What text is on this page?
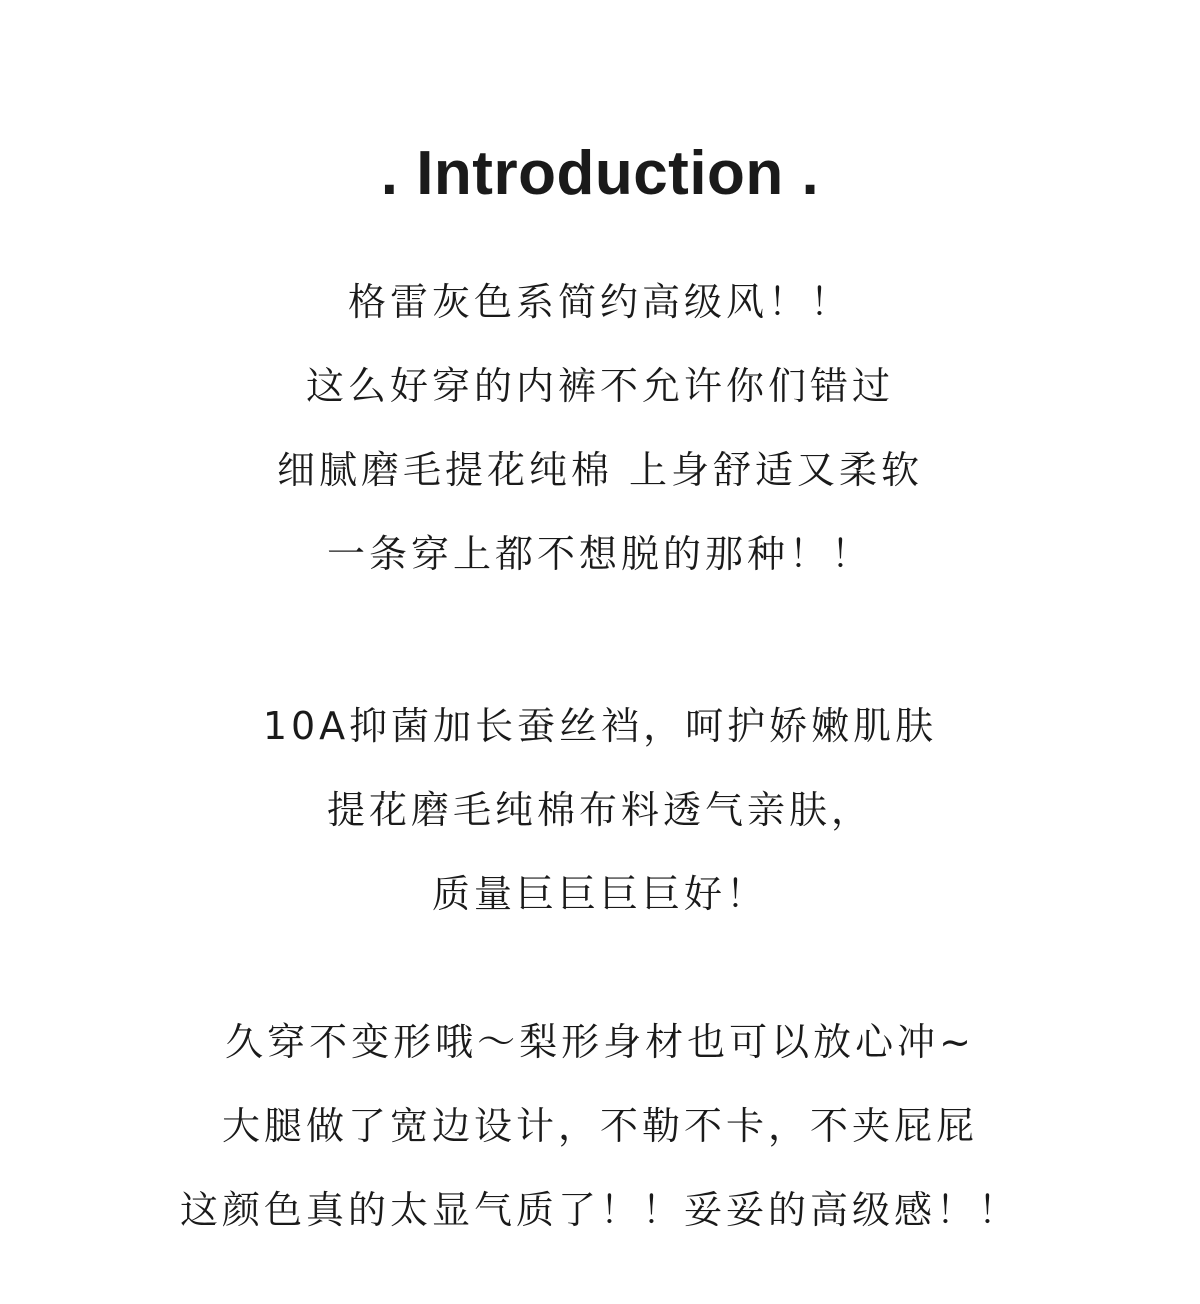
. Introduction .
格雷灰色系简约高级风！！
这么好穿的内裤不允许你们错过
细腻磨毛提花纯棉 上身舒适又柔软
一条穿上都不想脱的那种！！
10A抑菌加长蚕丝裆，呵护娇嫩肌肤
提花磨毛纯棉布料透气亲肤，
质量巨巨巨巨好！
久穿不变形哦～梨形身材也可以放心冲~
大腿做了宽边设计，不勒不卡，不夹屁屁
这颜色真的太显气质了！！妥妥的高级感！！
